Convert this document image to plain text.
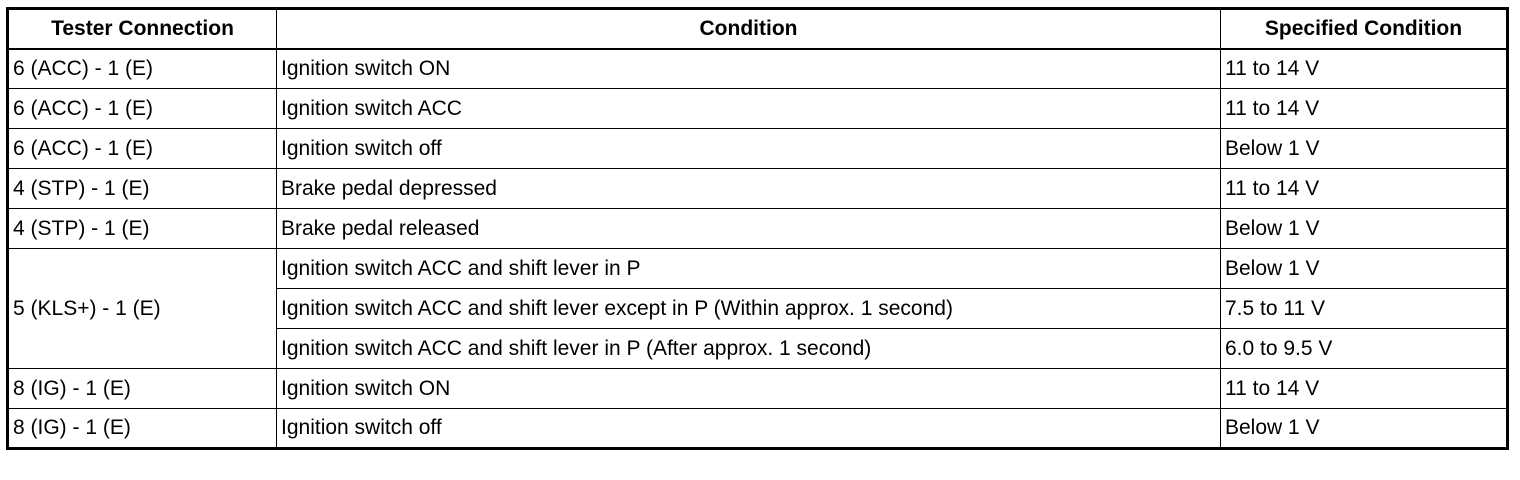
Tester Connection	Condition	Specified Condition
6 (ACC) - 1 (E)	Ignition switch ON	11 to 14 V
6 (ACC) - 1 (E)	Ignition switch ACC	11 to 14 V
6 (ACC) - 1 (E)	Ignition switch off	Below 1 V
4 (STP) - 1 (E)	Brake pedal depressed	11 to 14 V
4 (STP) - 1 (E)	Brake pedal released	Below 1 V
5 (KLS+) - 1 (E)	Ignition switch ACC and shift lever in P	Below 1 V
	Ignition switch ACC and shift lever except in P (Within approx. 1 second)	7.5 to 11 V
	Ignition switch ACC and shift lever in P (After approx. 1 second)	6.0 to 9.5 V
8 (IG) - 1 (E)	Ignition switch ON	11 to 14 V
8 (IG) - 1 (E)	Ignition switch off	Below 1 V
